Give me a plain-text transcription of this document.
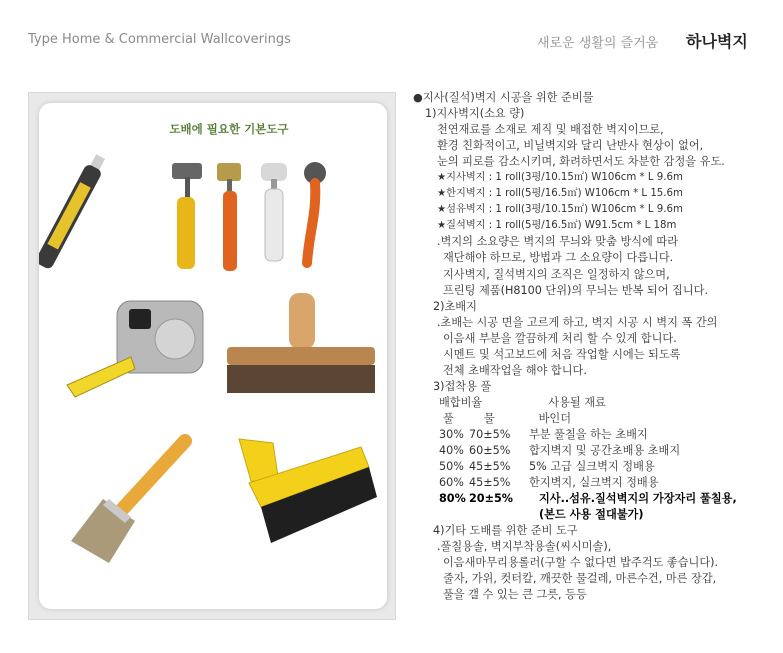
Type Home & Commercial Wallcoverings	새로운 생활의 즐거움 하나벽지
도배에 필요한 기본도구
●지사(질석)벽지 시공을 위한 준비물
1)지사벽지(소요 량)
천연재료를 소재로 제직 및 배접한 벽지이므로,
환경 친화적이고, 비닐벽지와 달리 난반사 현상이 없어,
눈의 피로를 감소시키며, 화려하면서도 차분한 감정을 유도.
★지사벽지 : 1 roll(3평/10.15㎡) W106cm * L 9.6m
★한지벽지 : 1 roll(5평/16.5㎡) W106cm * L 15.6m
★섬유벽지 : 1 roll(3평/10.15㎡) W106cm * L 9.6m
★질석벽지 : 1 roll(5평/16.5㎡) W91.5cm * L 18m
.벽지의 소요량은 벽지의 무늬와 맞춤 방식에 따라
재단해야 하므로, 방법과 그 소요량이 다릅니다.
지사벽지, 질석벽지의 조직은 일정하지 않으며,
프린팅 제품(H8100 단위)의 무늬는 반복 되어 집니다.
2)초배지
.초배는 시공 면을 고르게 하고, 벽지 시공 시 벽지 폭 간의
이음새 부분을 깔끔하게 처리 할 수 있게 합니다.
시멘트 및 석고보드에 처음 작업할 시에는 되도록
전체 초배작업을 해야 합니다.
3)접착용 풀
배합비율	사용될 재료
풀	물	바인더
30% 70±5% 부분 풀칠을 하는 초배지
40% 60±5% 합지벽지 및 공간초배용 초배지
50% 45±5% 5% 고급 실크벽지 정배용
60% 45±5% 한지벽지, 실크벽지 정배용
80% 20±5% 지사..섬유.질석벽지의 가장자리 풀칠용,
(본드 사용 절대불가)
4)기타 도배를 위한 준비 도구
.풀칠용솔, 벽지부착용솔(씨시미솔),
이음새마무리용롤러(구할 수 없다면 밥주걱도 좋습니다).
줄자, 가위, 컷터칼, 깨끗한 물걸레, 마른수건, 마른 장갑,
풀을 갤 수 있는 큰 그릇, 등등
